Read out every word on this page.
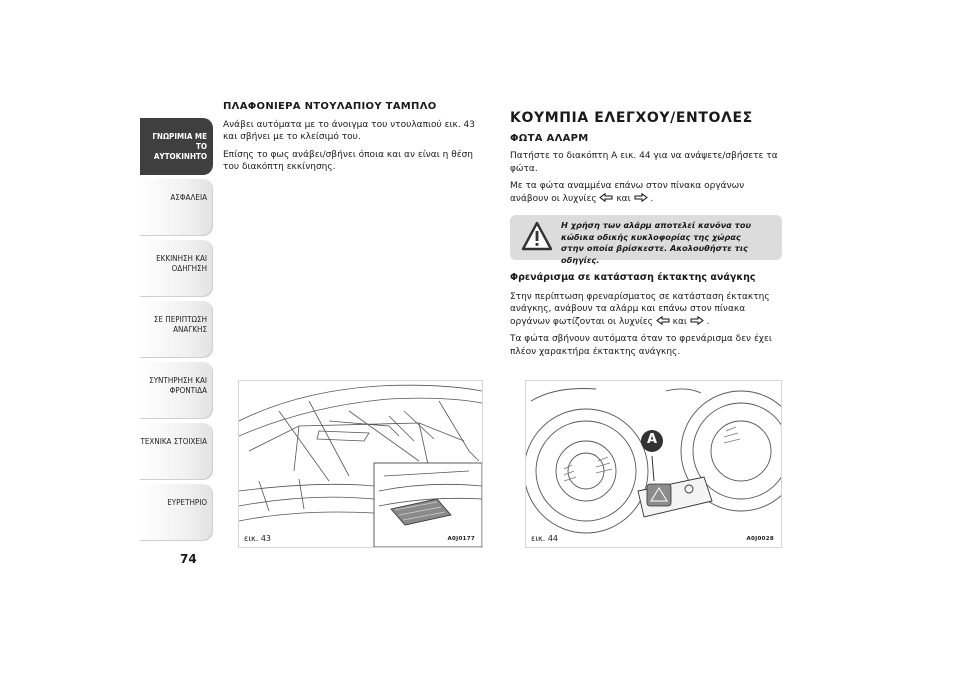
ΓΝΩΡΙΜΙΑ ΜΕ ΤΟ
ΑΥΤΟΚΙΝΗΤΟ
ΑΣΦΑΛΕΙΑ
ΕΚΚΙΝΗΣΗ ΚΑΙ
ΟΔΗΓΗΣΗ
ΣΕ ΠΕΡΙΠΤΩΣΗ
ΑΝΑΓΚΗΣ
ΣΥΝΤΗΡΗΣΗ ΚΑΙ
ΦΡΟΝΤΙΔΑ
ΤΕΧΝΙΚΑ ΣΤΟΙΧΕΙΑ
ΕΥΡΕΤΗΡΙΟ
74
ΠΛΑΦΟΝΙΕΡΑ ΝΤΟΥΛΑΠΙΟΥ ΤΑΜΠΛΟ

Ανάβει αυτόματα με το άνοιγμα του ντουλαπιού εικ. 43 και σβήνει με το κλείσιμό του.

Επίσης το φως ανάβει/σβήνει όποια και αν είναι η θέση του διακόπτη εκκίνησης.

ΚΟΥΜΠΙΑ ΕΛΕΓΧΟΥ/ΕΝΤΟΛΕΣ
ΦΩΤΑ ΑΛΑΡΜ

Πατήστε το διακόπτη A εικ. 44 για να ανάψετε/σβήσετε τα φώτα.

Με τα φώτα αναμμένα επάνω στον πίνακα οργάνων ανάβουν οι λυχνίες και .

Η χρήση των αλάρμ αποτελεί κανόνα του κώδικα οδικής κυκλοφορίας της χώρας στην οποία βρίσκεστε. Ακολουθήστε τις οδηγίες.
Φρενάρισμα σε κατάσταση έκτακτης ανάγκης

Στην περίπτωση φρεναρίσματος σε κατάσταση έκτακτης ανάγκης, ανάβουν τα αλάρμ και επάνω στον πίνακα οργάνων φωτίζονται οι λυχνίες και .

Τα φώτα σβήνουν αυτόματα όταν το φρενάρισμα δεν έχει πλέον χαρακτήρα έκτακτης ανάγκης.

εικ. 43	A0J0177
A
εικ. 44	A0J0028
